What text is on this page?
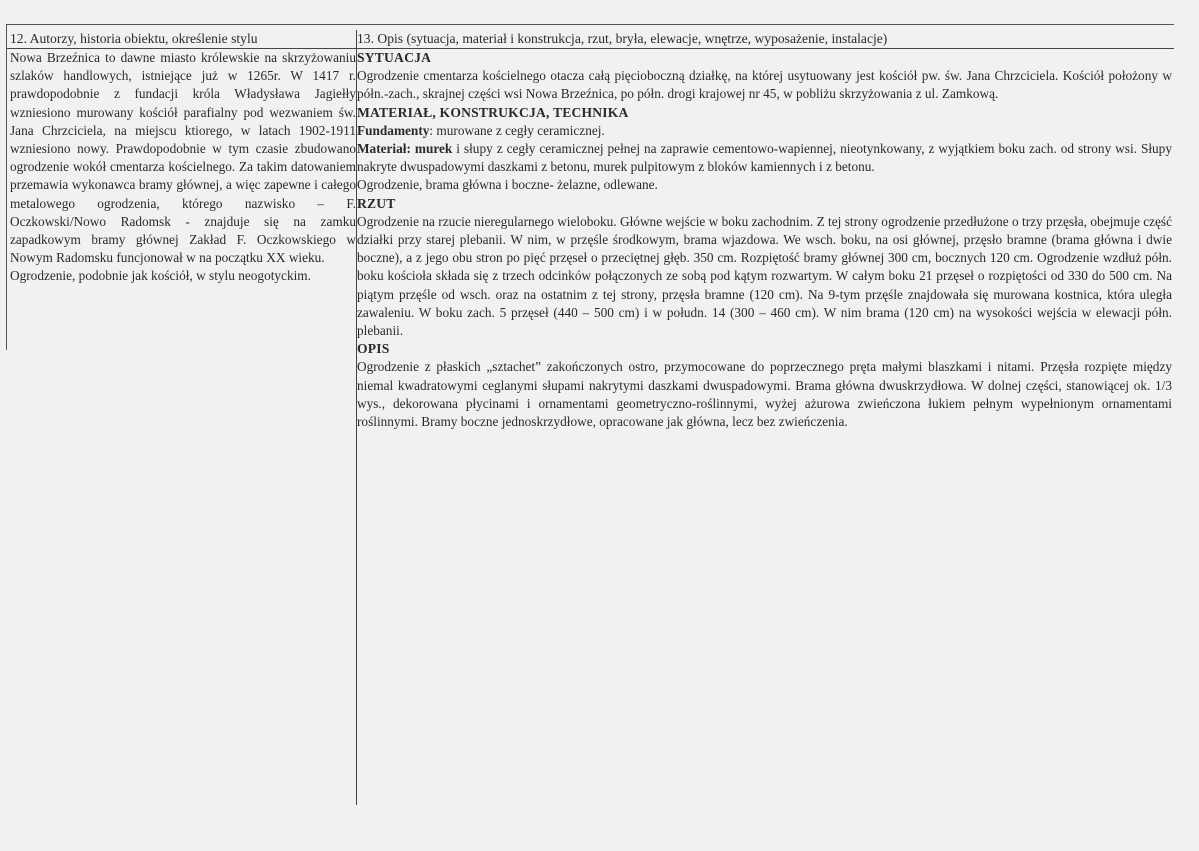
12. Autorzy, historia obiektu, określenie stylu	13. Opis (sytuacja, materiał i konstrukcja, rzut, bryła, elewacje, wnętrze, wyposażenie, instalacje)

Nowa Brzeźnica to dawne miasto królewskie na skrzyżowaniu szlaków handlowych, istniejące już w 1265r. W 1417 r. prawdopodobnie z fundacji króla Władysława Jagiełły wzniesiono murowany kościół parafialny pod wezwaniem św. Jana Chrzciciela, na miejscu ktiorego, w latach 1902-1911 wzniesiono nowy. Prawdopodobnie w tym czasie zbudowano ogrodzenie wokół cmentarza kościelnego. Za takim datowaniem przemawia wykonawca bramy głównej, a więc zapewne i całego metalowego ogrodzenia, którego nazwisko – F. Oczkowski/Nowo Radomsk - znajduje się na zamku zapadkowym bramy głównej Zakład F. Oczkowskiego w Nowym Radomsku funcjonował w na początku XX wieku.

Ogrodzenie, podobnie jak kościół, w stylu neogotyckim.

SYTUACJA

Ogrodzenie cmentarza kościelnego otacza całą pięcioboczną działkę, na której usytuowany jest kościół pw. św. Jana Chrzciciela. Kościół położony w półn.-zach., skrajnej części wsi Nowa Brzeźnica, po półn. drogi krajowej nr 45, w pobliżu skrzyżowania z ul. Zamkową.

MATERIAŁ, KONSTRUKCJA, TECHNIKA

Fundamenty: murowane z cegły ceramicznej.

Materiał: murek i słupy z cegły ceramicznej pełnej na zaprawie cementowo-wapiennej, nieotynkowany, z wyjątkiem boku zach. od strony wsi. Słupy nakryte dwuspadowymi daszkami z betonu, murek pulpitowym z bloków kamiennych i z betonu.

Ogrodzenie, brama główna i boczne- żelazne, odlewane.

RZUT

Ogrodzenie na rzucie nieregularnego wieloboku. Główne wejście w boku zachodnim. Z tej strony ogrodzenie przedłużone o trzy przęsła, obejmuje część działki przy starej plebanii. W nim, w przęśle środkowym, brama wjazdowa. We wsch. boku, na osi głównej, przęsło bramne (brama główna i dwie boczne), a z jego obu stron po pięć przęseł o przeciętnej głęb. 350 cm. Rozpiętość bramy głównej 300 cm, bocznych 120 cm. Ogrodzenie wzdłuż półn. boku kościoła składa się z trzech odcinków połączonych ze sobą pod kątym rozwartym. W całym boku 21 przęseł o rozpiętości od 330 do 500 cm. Na piątym przęśle od wsch. oraz na ostatnim z tej strony, przęsła bramne (120 cm). Na 9-tym przęśle znajdowała się murowana kostnica, która uległa zawaleniu. W boku zach. 5 przęseł (440 – 500 cm) i w połudn. 14 (300 – 460 cm). W nim brama (120 cm) na wysokości wejścia w elewacji półn. plebanii.

OPIS

Ogrodzenie z płaskich „sztachet” zakończonych ostro, przymocowane do poprzecznego pręta małymi blaszkami i nitami. Przęsła rozpięte między niemal kwadratowymi ceglanymi słupami nakrytymi daszkami dwuspadowymi. Brama główna dwuskrzydłowa. W dolnej części, stanowiącej ok. 1/3 wys., dekorowana płycinami i ornamentami geometryczno-roślinnymi, wyżej ażurowa zwieńczona łukiem pełnym wypełnionym ornamentami roślinnymi. Bramy boczne jednoskrzydłowe, opracowane jak główna, lecz bez zwieńczenia.
